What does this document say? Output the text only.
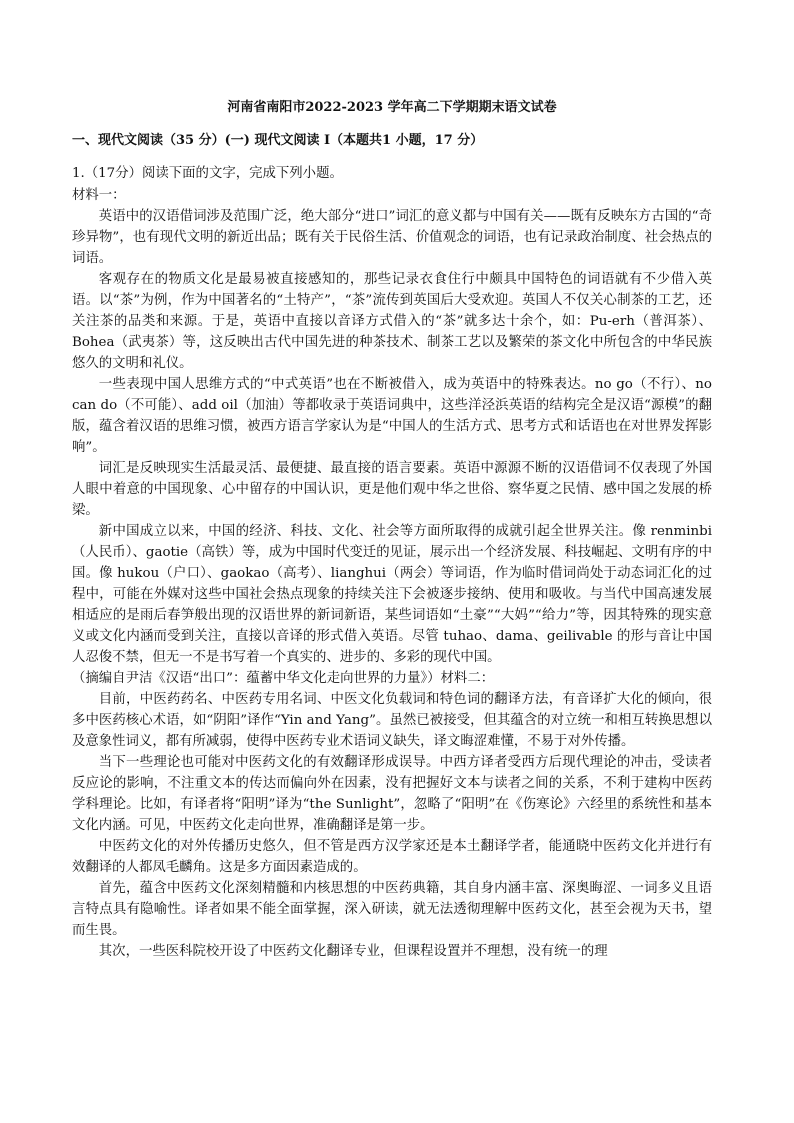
河南省南阳市2022-2023 学年高二下学期期末语文试卷
一、现代文阅读（35 分）(一) 现代文阅读 I（本题共1 小题，17 分）
1.（17分）阅读下面的文字，完成下列小题。
材料一：

英语中的汉语借词涉及范围广泛，绝大部分“进口”词汇的意义都与中国有关——既有反映东方古国的“奇珍异物”，也有现代文明的新近出品；既有关于民俗生活、价值观念的词语，也有记录政治制度、社会热点的词语。

客观存在的物质文化是最易被直接感知的，那些记录衣食住行中颇具中国特色的词语就有不少借入英语。以“茶”为例，作为中国著名的“土特产”，“茶”流传到英国后大受欢迎。英国人不仅关心制茶的工艺，还关注茶的品类和来源。于是，英语中直接以音译方式借入的“茶”就多达十余个，如：Pu-erh（普洱茶）、Bohea（武夷茶）等，这反映出古代中国先进的种茶技术、制茶工艺以及繁荣的茶文化中所包含的中华民族悠久的文明和礼仪。

一些表现中国人思维方式的“中式英语”也在不断被借入，成为英语中的特殊表达。no go（不行）、no can do（不可能）、add oil（加油）等都收录于英语词典中，这些洋泾浜英语的结构完全是汉语“源模”的翻版，蕴含着汉语的思维习惯，被西方语言学家认为是“中国人的生活方式、思考方式和话语也在对世界发挥影响”。

词汇是反映现实生活最灵活、最便捷、最直接的语言要素。英语中源源不断的汉语借词不仅表现了外国人眼中着意的中国现象、心中留存的中国认识，更是他们观中华之世俗、察华夏之民情、感中国之发展的桥梁。

新中国成立以来，中国的经济、科技、文化、社会等方面所取得的成就引起全世界关注。像 renminbi（人民币）、gaotie（高铁）等，成为中国时代变迁的见证，展示出一个经济发展、科技崛起、文明有序的中国。像 hukou（户口）、gaokao（高考）、lianghui（两会）等词语，作为临时借词尚处于动态词汇化的过程中，可能在外媒对这些中国社会热点现象的持续关注下会被逐步接纳、使用和吸收。与当代中国高速发展相适应的是雨后春笋般出现的汉语世界的新词新语，某些词语如“土豪”“大妈”“给力”等，因其特殊的现实意义或文化内涵而受到关注，直接以音译的形式借入英语。尽管 tuhao、dama、geilivable 的形与音让中国人忍俊不禁，但无一不是书写着一个真实的、进步的、多彩的现代中国。

（摘编自尹洁《汉语“出口”：蕴蓄中华文化走向世界的力量》）材料二：

目前，中医药药名、中医药专用名词、中医文化负载词和特色词的翻译方法，有音译扩大化的倾向，很多中医药核心术语，如“阴阳”译作“Yin and Yang”。虽然已被接受，但其蕴含的对立统一和相互转换思想以及意象性词义，都有所减弱，使得中医药专业术语词义缺失，译文晦涩难懂，不易于对外传播。

当下一些理论也可能对中医药文化的有效翻译形成误导。中西方译者受西方后现代理论的冲击，受读者反应论的影响，不注重文本的传达而偏向外在因素，没有把握好文本与读者之间的关系，不利于建构中医药学科理论。比如，有译者将“阳明”译为“the Sunlight”，忽略了“阳明”在《伤寒论》六经里的系统性和基本文化内涵。可见，中医药文化走向世界，准确翻译是第一步。

中医药文化的对外传播历史悠久，但不管是西方汉学家还是本土翻译学者，能通晓中医药文化并进行有效翻译的人都凤毛麟角。这是多方面因素造成的。

首先，蕴含中医药文化深刻精髓和内核思想的中医药典籍，其自身内涵丰富、深奥晦涩、一词多义且语言特点具有隐喻性。译者如果不能全面掌握，深入研读，就无法透彻理解中医药文化，甚至会视为天书，望而生畏。

其次，一些医科院校开设了中医药文化翻译专业，但课程设置并不理想，没有统一的理
